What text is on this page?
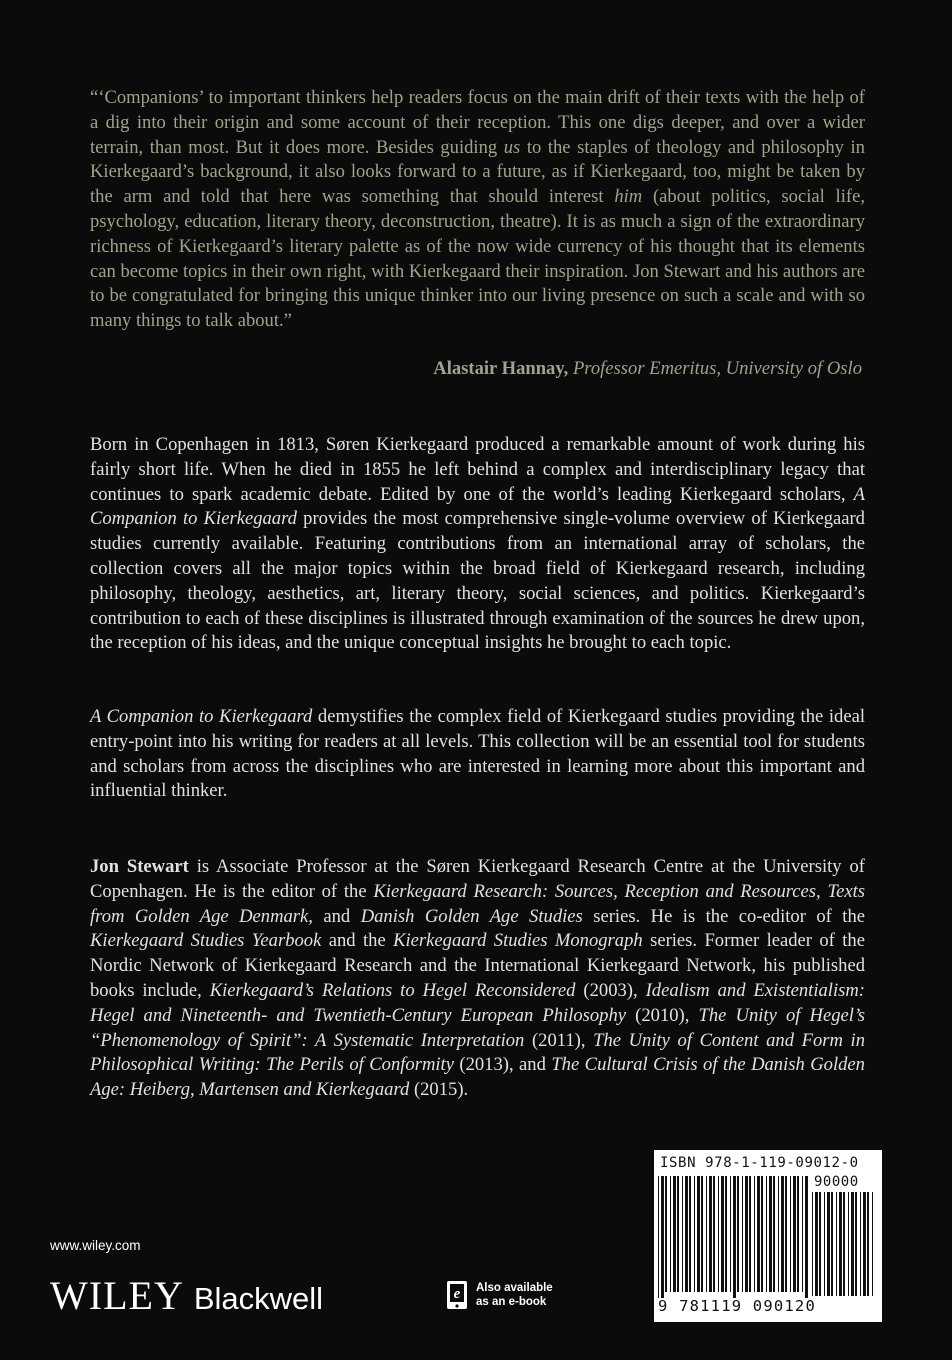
“‘Companions’ to important thinkers help readers focus on the main drift of their texts with the help of a dig into their origin and some account of their reception. This one digs deeper, and over a wider terrain, than most. But it does more. Besides guiding us to the staples of theology and philosophy in Kierkegaard’s background, it also looks forward to a future, as if Kierkegaard, too, might be taken by the arm and told that here was something that should interest him (about politics, social life, psychology, education, literary theory, deconstruction, theatre). It is as much a sign of the extraordinary richness of Kierkegaard’s literary palette as of the now wide currency of his thought that its elements can become topics in their own right, with Kierkegaard their inspiration. Jon Stewart and his authors are to be congratulated for bringing this unique thinker into our living presence on such a scale and with so many things to talk about.”

Alastair Hannay, Professor Emeritus, University of Oslo

Born in Copenhagen in 1813, Søren Kierkegaard produced a remarkable amount of work during his fairly short life. When he died in 1855 he left behind a complex and interdisciplinary legacy that continues to spark academic debate. Edited by one of the world’s leading Kierkegaard scholars, A Companion to Kierkegaard provides the most comprehensive single-volume overview of Kierkegaard studies currently available. Featuring contributions from an international array of scholars, the collection covers all the major topics within the broad field of Kierkegaard research, including philosophy, theology, aesthetics, art, literary theory, social sciences, and politics. Kierkegaard’s contribution to each of these disciplines is illustrated through examination of the sources he drew upon, the reception of his ideas, and the unique conceptual insights he brought to each topic.

A Companion to Kierkegaard demystifies the complex field of Kierkegaard studies providing the ideal entry-point into his writing for readers at all levels. This collection will be an essential tool for students and scholars from across the disciplines who are interested in learning more about this important and influential thinker.

Jon Stewart is Associate Professor at the Søren Kierkegaard Research Centre at the University of Copenhagen. He is the editor of the Kierkegaard Research: Sources, Reception and Resources, Texts from Golden Age Denmark, and Danish Golden Age Studies series. He is the co-editor of the Kierkegaard Studies Yearbook and the Kierkegaard Studies Monograph series. Former leader of the Nordic Network of Kierkegaard Research and the International Kierkegaard Network, his published books include, Kierkegaard’s Relations to Hegel Reconsidered (2003), Idealism and Existentialism: Hegel and Nineteenth- and Twentieth-Century European Philosophy (2010), The Unity of Hegel’s “Phenomenology of Spirit”: A Systematic Interpretation (2011), The Unity of Content and Form in Philosophical Writing: The Perils of Conformity (2013), and The Cultural Crisis of the Danish Golden Age: Heiberg, Martensen and Kierkegaard (2015).

ISBN 978-1-119-09012-0
90000
9 781119 090120
www.wiley.com
WILEY Blackwell	e Also available
as an e-book
